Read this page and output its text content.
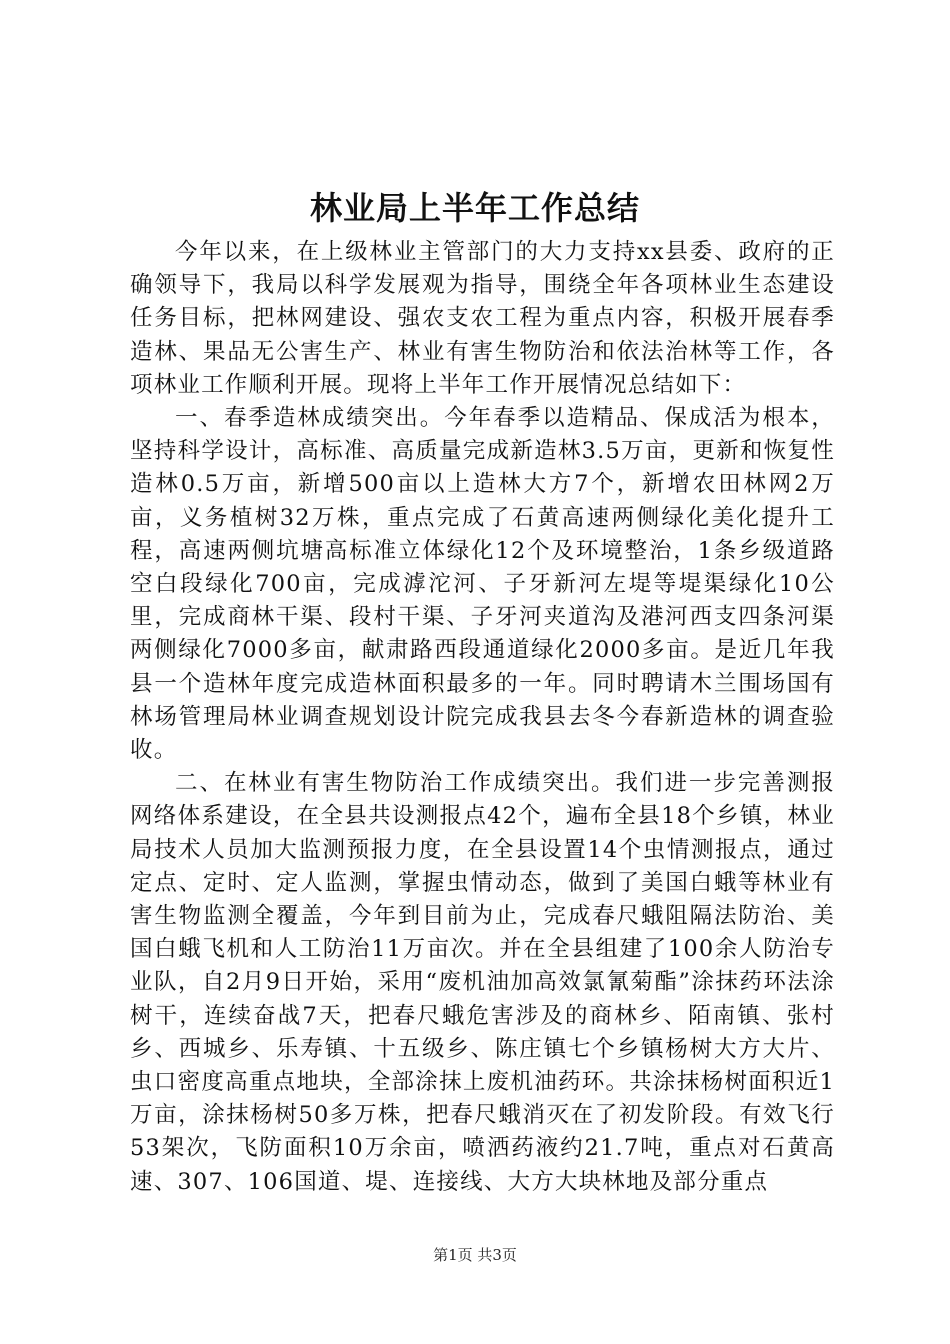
林业局上半年工作总结

今年以来，在上级林业主管部门的大力支持xx县委、政府的正确领导下，我局以科学发展观为指导，围绕全年各项林业生态建设任务目标，把林网建设、强农支农工程为重点内容，积极开展春季造林、果品无公害生产、林业有害生物防治和依法治林等工作，各项林业工作顺利开展。现将上半年工作开展情况总结如下：

一、春季造林成绩突出。今年春季以造精品、保成活为根本，坚持科学设计，高标准、高质量完成新造林3.5万亩，更新和恢复性造林0.5万亩，新增500亩以上造林大方7个，新增农田林网2万亩，义务植树32万株，重点完成了石黄高速两侧绿化美化提升工程，高速两侧坑塘高标准立体绿化12个及环境整治，1条乡级道路空白段绿化700亩，完成滹沱河、子牙新河左堤等堤渠绿化10公里，完成商林干渠、段村干渠、子牙河夹道沟及港河西支四条河渠两侧绿化7000多亩，献肃路西段通道绿化2000多亩。是近几年我县一个造林年度完成造林面积最多的一年。同时聘请木兰围场国有林场管理局林业调查规划设计院完成我县去冬今春新造林的调查验收。

二、在林业有害生物防治工作成绩突出。我们进一步完善测报网络体系建设，在全县共设测报点42个，遍布全县18个乡镇，林业局技术人员加大监测预报力度，在全县设置14个虫情测报点，通过定点、定时、定人监测，掌握虫情动态，做到了美国白蛾等林业有害生物监测全覆盖，今年到目前为止，完成春尺蛾阻隔法防治、美国白蛾飞机和人工防治11万亩次。并在全县组建了100余人防治专业队，自2月9日开始，采用“废机油加高效氯氰菊酯”涂抹药环法涂树干，连续奋战7天，把春尺蛾危害涉及的商林乡、陌南镇、张村乡、西城乡、乐寿镇、十五级乡、陈庄镇七个乡镇杨树大方大片、虫口密度高重点地块，全部涂抹上废机油药环。共涂抹杨树面积近1万亩，涂抹杨树50多万株，把春尺蛾消灭在了初发阶段。有效飞行53架次，飞防面积10万余亩，喷洒药液约21.7吨，重点对石黄高速、307、106国道、堤、连接线、大方大块林地及部分重点

第1页 共3页
